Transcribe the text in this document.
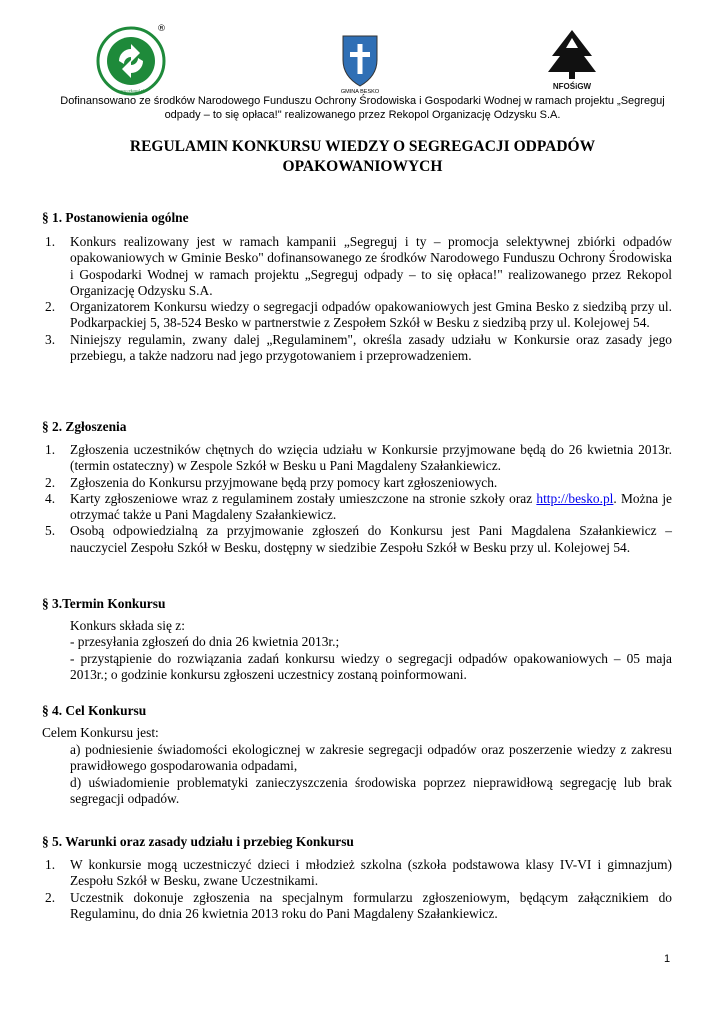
www.rekopol.pl
®
GMINA BESKO
NFOŚiGW
Dofinansowano ze środków Narodowego Funduszu Ochrony Środowiska i Gospodarki Wodnej w ramach projektu „Segreguj
odpady – to się opłaca!" realizowanego przez Rekopol Organizację Odzysku S.A.
REGULAMIN KONKURSU WIEDZY O SEGREGACJI ODPADÓW
OPAKOWANIOWYCH
§ 1. Postanowienia ogólne
1. Konkurs realizowany jest w ramach kampanii „Segreguj i ty – promocja selektywnej zbiórki odpadów opakowaniowych w Gminie Besko" dofinansowanego ze środków Narodowego Funduszu Ochrony Środowiska i Gospodarki Wodnej w ramach projektu „Segreguj odpady – to się opłaca!" realizowanego przez Rekopol Organizację Odzysku S.A.
2. Organizatorem Konkursu wiedzy o segregacji odpadów opakowaniowych jest Gmina Besko z siedzibą przy ul. Podkarpackiej 5, 38-524 Besko w partnerstwie z Zespołem Szkół w Besku z siedzibą przy ul. Kolejowej 54.
3. Niniejszy regulamin, zwany dalej „Regulaminem", określa zasady udziału w Konkursie oraz zasady jego przebiegu, a także nadzoru nad jego przygotowaniem i przeprowadzeniem.
§ 2. Zgłoszenia
1. Zgłoszenia uczestników chętnych do wzięcia udziału w Konkursie przyjmowane będą do 26 kwietnia 2013r. (termin ostateczny) w Zespole Szkół w Besku u Pani Magdaleny Szałankiewicz.
2. Zgłoszenia do Konkursu przyjmowane będą przy pomocy kart zgłoszeniowych.
4. Karty zgłoszeniowe wraz z regulaminem zostały umieszczone na stronie szkoły oraz http://besko.pl. Można je otrzymać także u Pani Magdaleny Szałankiewicz.
5. Osobą odpowiedzialną za przyjmowanie zgłoszeń do Konkursu jest Pani Magdalena Szałankiewicz – nauczyciel Zespołu Szkół w Besku, dostępny w siedzibie Zespołu Szkół w Besku przy ul. Kolejowej 54.
§ 3.Termin Konkursu
Konkurs składa się z:
- przesyłania zgłoszeń do dnia 26 kwietnia 2013r.;
- przystąpienie do rozwiązania zadań konkursu wiedzy o segregacji odpadów opakowaniowych – 05 maja 2013r.; o godzinie konkursu zgłoszeni uczestnicy zostaną poinformowani.
§ 4. Cel Konkursu
Celem Konkursu jest:
a) podniesienie świadomości ekologicznej w zakresie segregacji odpadów oraz poszerzenie wiedzy z zakresu prawidłowego gospodarowania odpadami,
d) uświadomienie problematyki zanieczyszczenia środowiska poprzez nieprawidłową segregację lub brak segregacji odpadów.
§ 5. Warunki oraz zasady udziału i przebieg Konkursu
1. W konkursie mogą uczestniczyć dzieci i młodzież szkolna (szkoła podstawowa klasy IV-VI i gimnazjum) Zespołu Szkół w Besku, zwane Uczestnikami.
2. Uczestnik dokonuje zgłoszenia na specjalnym formularzu zgłoszeniowym, będącym załącznikiem do Regulaminu, do dnia 26 kwietnia 2013 roku do Pani Magdaleny Szałankiewicz.
1
